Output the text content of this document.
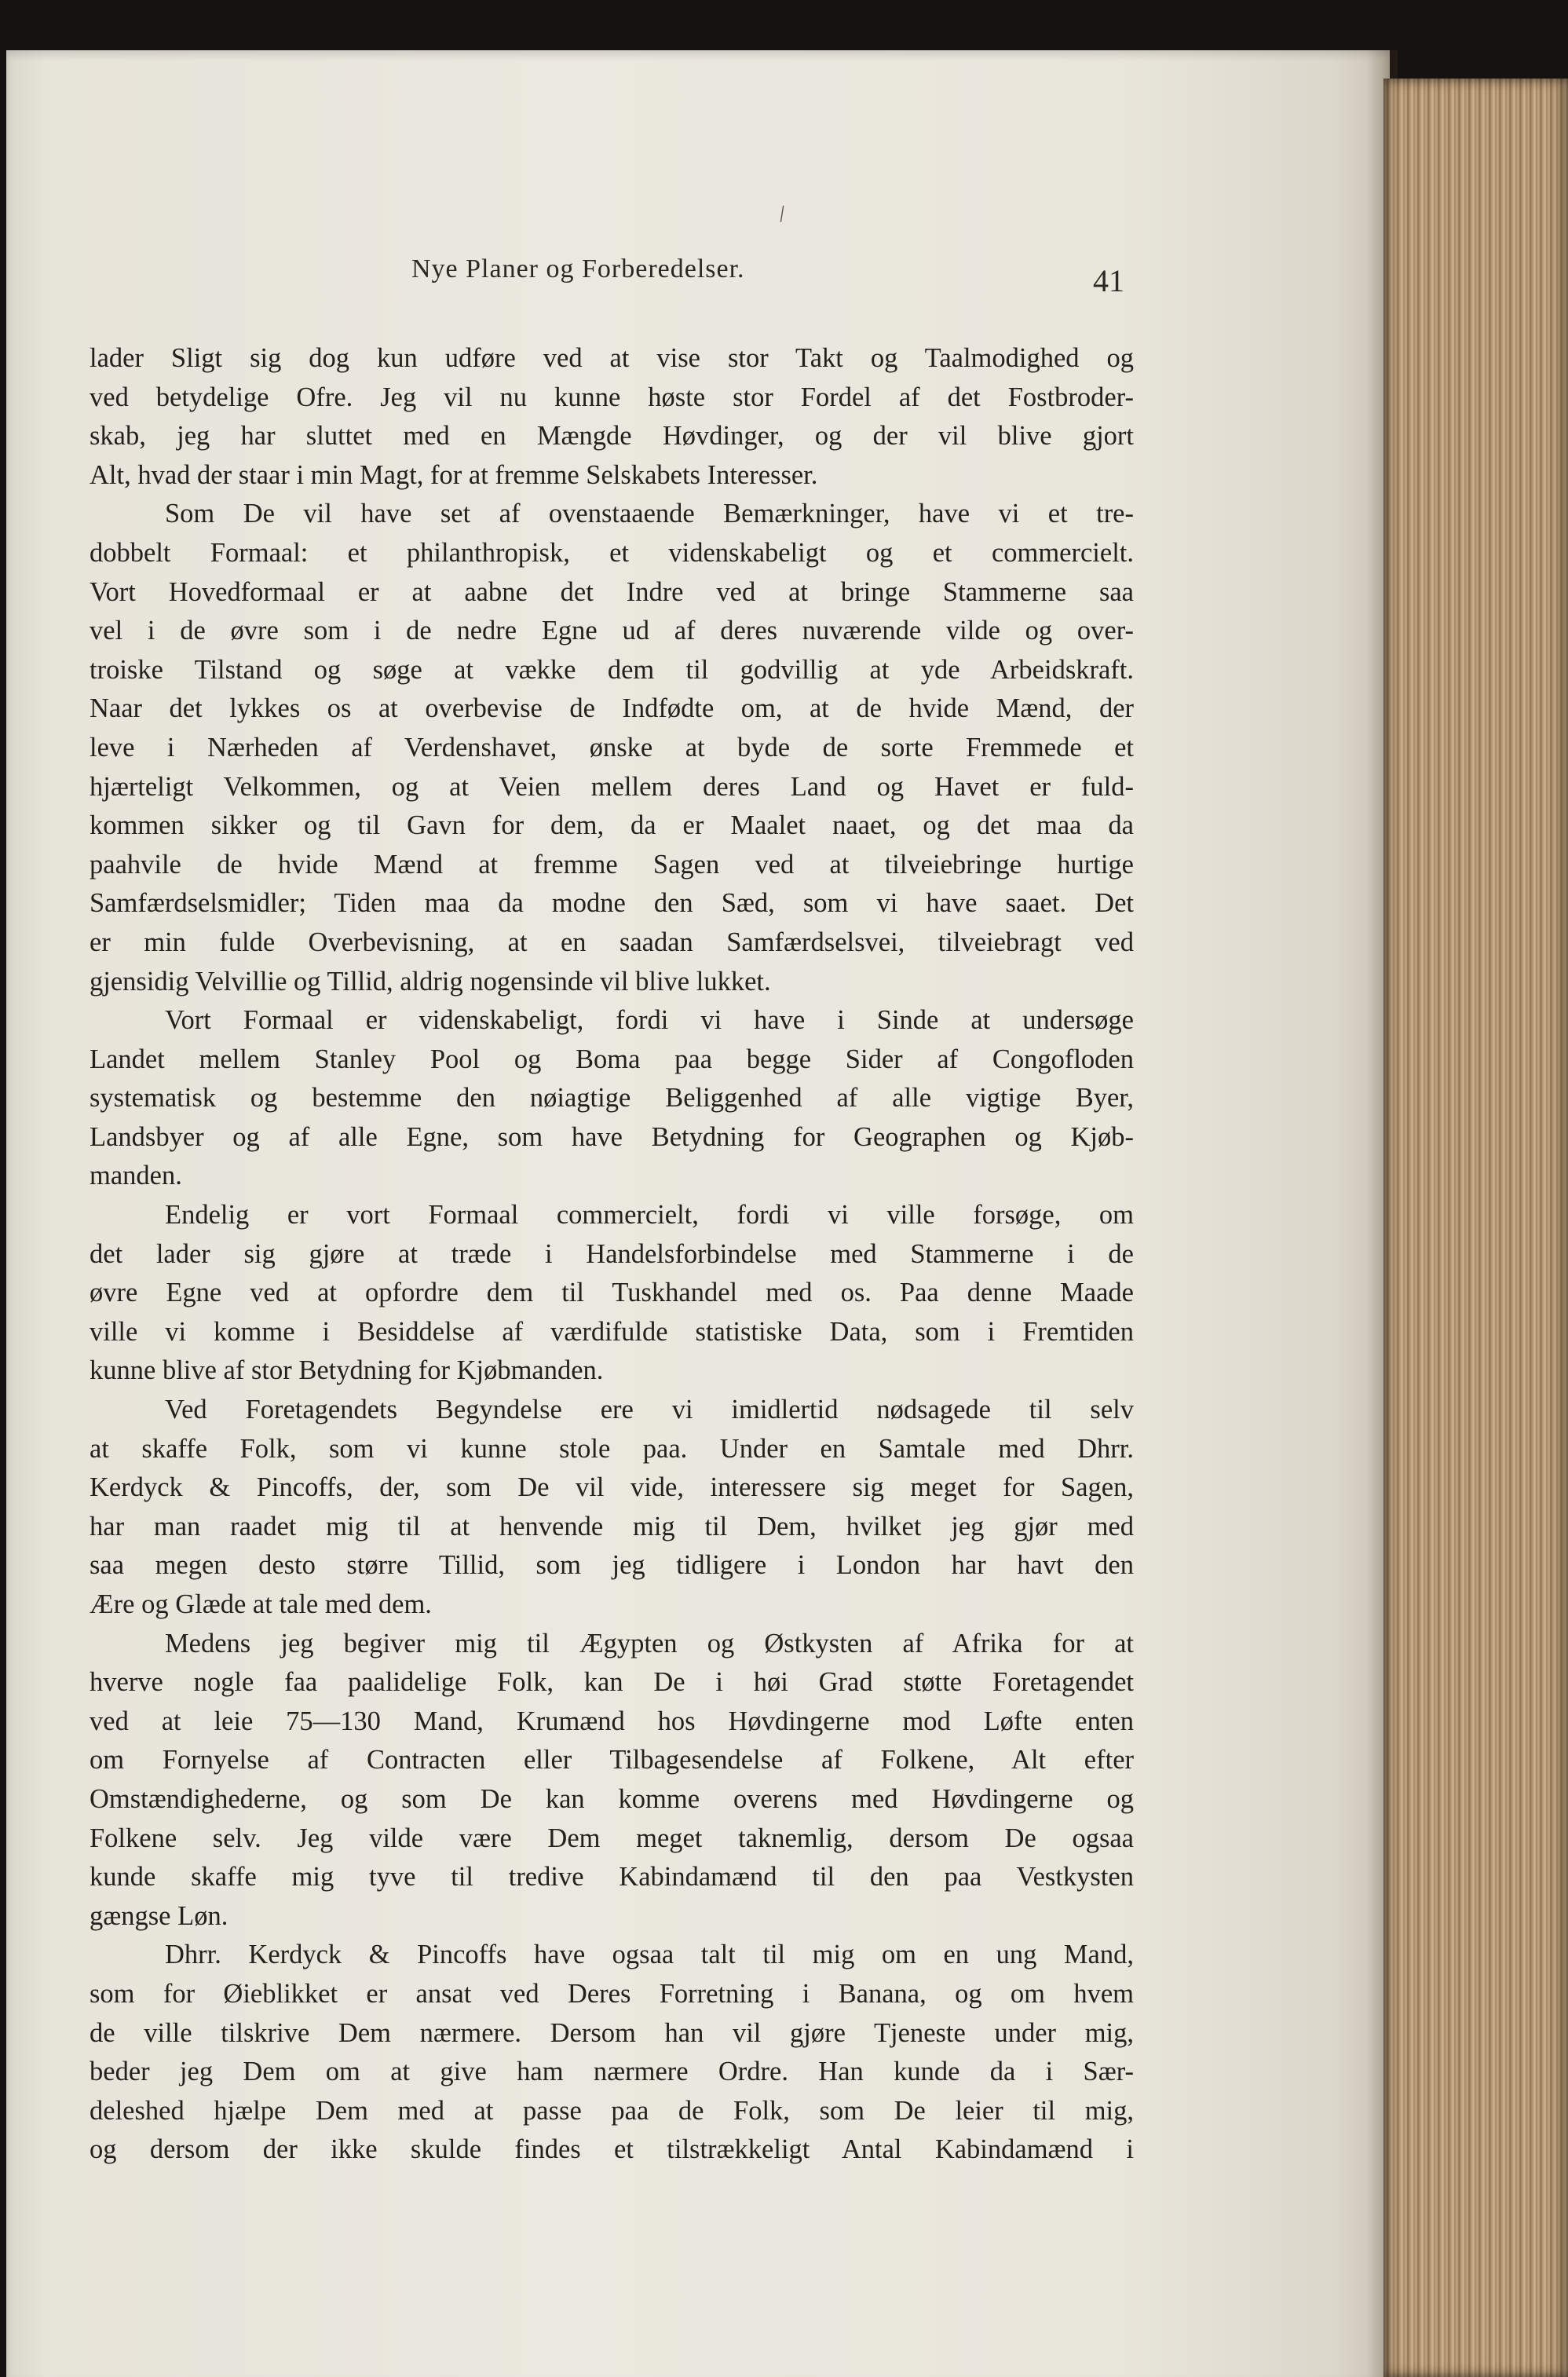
/
Nye Planer og Forberedelser.	41
lader Sligt sig dog kun udføre ved at vise stor Takt og Taalmodighed og
ved betydelige Ofre. Jeg vil nu kunne høste stor Fordel af det Fostbroder-
skab, jeg har sluttet med en Mængde Høvdinger, og der vil blive gjort
Alt, hvad der staar i min Magt, for at fremme Selskabets Interesser.
Som De vil have set af ovenstaaende Bemærkninger, have vi et tre-
dobbelt Formaal: et philanthropisk, et videnskabeligt og et commercielt.
Vort Hovedformaal er at aabne det Indre ved at bringe Stammerne saa
vel i de øvre som i de nedre Egne ud af deres nuværende vilde og over-
troiske Tilstand og søge at vække dem til godvillig at yde Arbeidskraft.
Naar det lykkes os at overbevise de Indfødte om, at de hvide Mænd, der
leve i Nærheden af Verdenshavet, ønske at byde de sorte Fremmede et
hjærteligt Velkommen, og at Veien mellem deres Land og Havet er fuld-
kommen sikker og til Gavn for dem, da er Maalet naaet, og det maa da
paahvile de hvide Mænd at fremme Sagen ved at tilveiebringe hurtige
Samfærdselsmidler; Tiden maa da modne den Sæd, som vi have saaet. Det
er min fulde Overbevisning, at en saadan Samfærdselsvei, tilveiebragt ved
gjensidig Velvillie og Tillid, aldrig nogensinde vil blive lukket.
Vort Formaal er videnskabeligt, fordi vi have i Sinde at undersøge
Landet mellem Stanley Pool og Boma paa begge Sider af Congofloden
systematisk og bestemme den nøiagtige Beliggenhed af alle vigtige Byer,
Landsbyer og af alle Egne, som have Betydning for Geographen og Kjøb-
manden.
Endelig er vort Formaal commercielt, fordi vi ville forsøge, om
det lader sig gjøre at træde i Handelsforbindelse med Stammerne i de
øvre Egne ved at opfordre dem til Tuskhandel med os. Paa denne Maade
ville vi komme i Besiddelse af værdifulde statistiske Data, som i Fremtiden
kunne blive af stor Betydning for Kjøbmanden.
Ved Foretagendets Begyndelse ere vi imidlertid nødsagede til selv
at skaffe Folk, som vi kunne stole paa. Under en Samtale med Dhrr.
Kerdyck & Pincoffs, der, som De vil vide, interessere sig meget for Sagen,
har man raadet mig til at henvende mig til Dem, hvilket jeg gjør med
saa megen desto større Tillid, som jeg tidligere i London har havt den
Ære og Glæde at tale med dem.
Medens jeg begiver mig til Ægypten og Østkysten af Afrika for at
hverve nogle faa paalidelige Folk, kan De i høi Grad støtte Foretagendet
ved at leie 75—130 Mand, Krumænd hos Høvdingerne mod Løfte enten
om Fornyelse af Contracten eller Tilbagesendelse af Folkene, Alt efter
Omstændighederne, og som De kan komme overens med Høvdingerne og
Folkene selv. Jeg vilde være Dem meget taknemlig, dersom De ogsaa
kunde skaffe mig tyve til tredive Kabindamænd til den paa Vestkysten
gængse Løn.
Dhrr. Kerdyck & Pincoffs have ogsaa talt til mig om en ung Mand,
som for Øieblikket er ansat ved Deres Forretning i Banana, og om hvem
de ville tilskrive Dem nærmere. Dersom han vil gjøre Tjeneste under mig,
beder jeg Dem om at give ham nærmere Ordre. Han kunde da i Sær-
deleshed hjælpe Dem med at passe paa de Folk, som De leier til mig,
og dersom der ikke skulde findes et tilstrækkeligt Antal Kabindamænd i
